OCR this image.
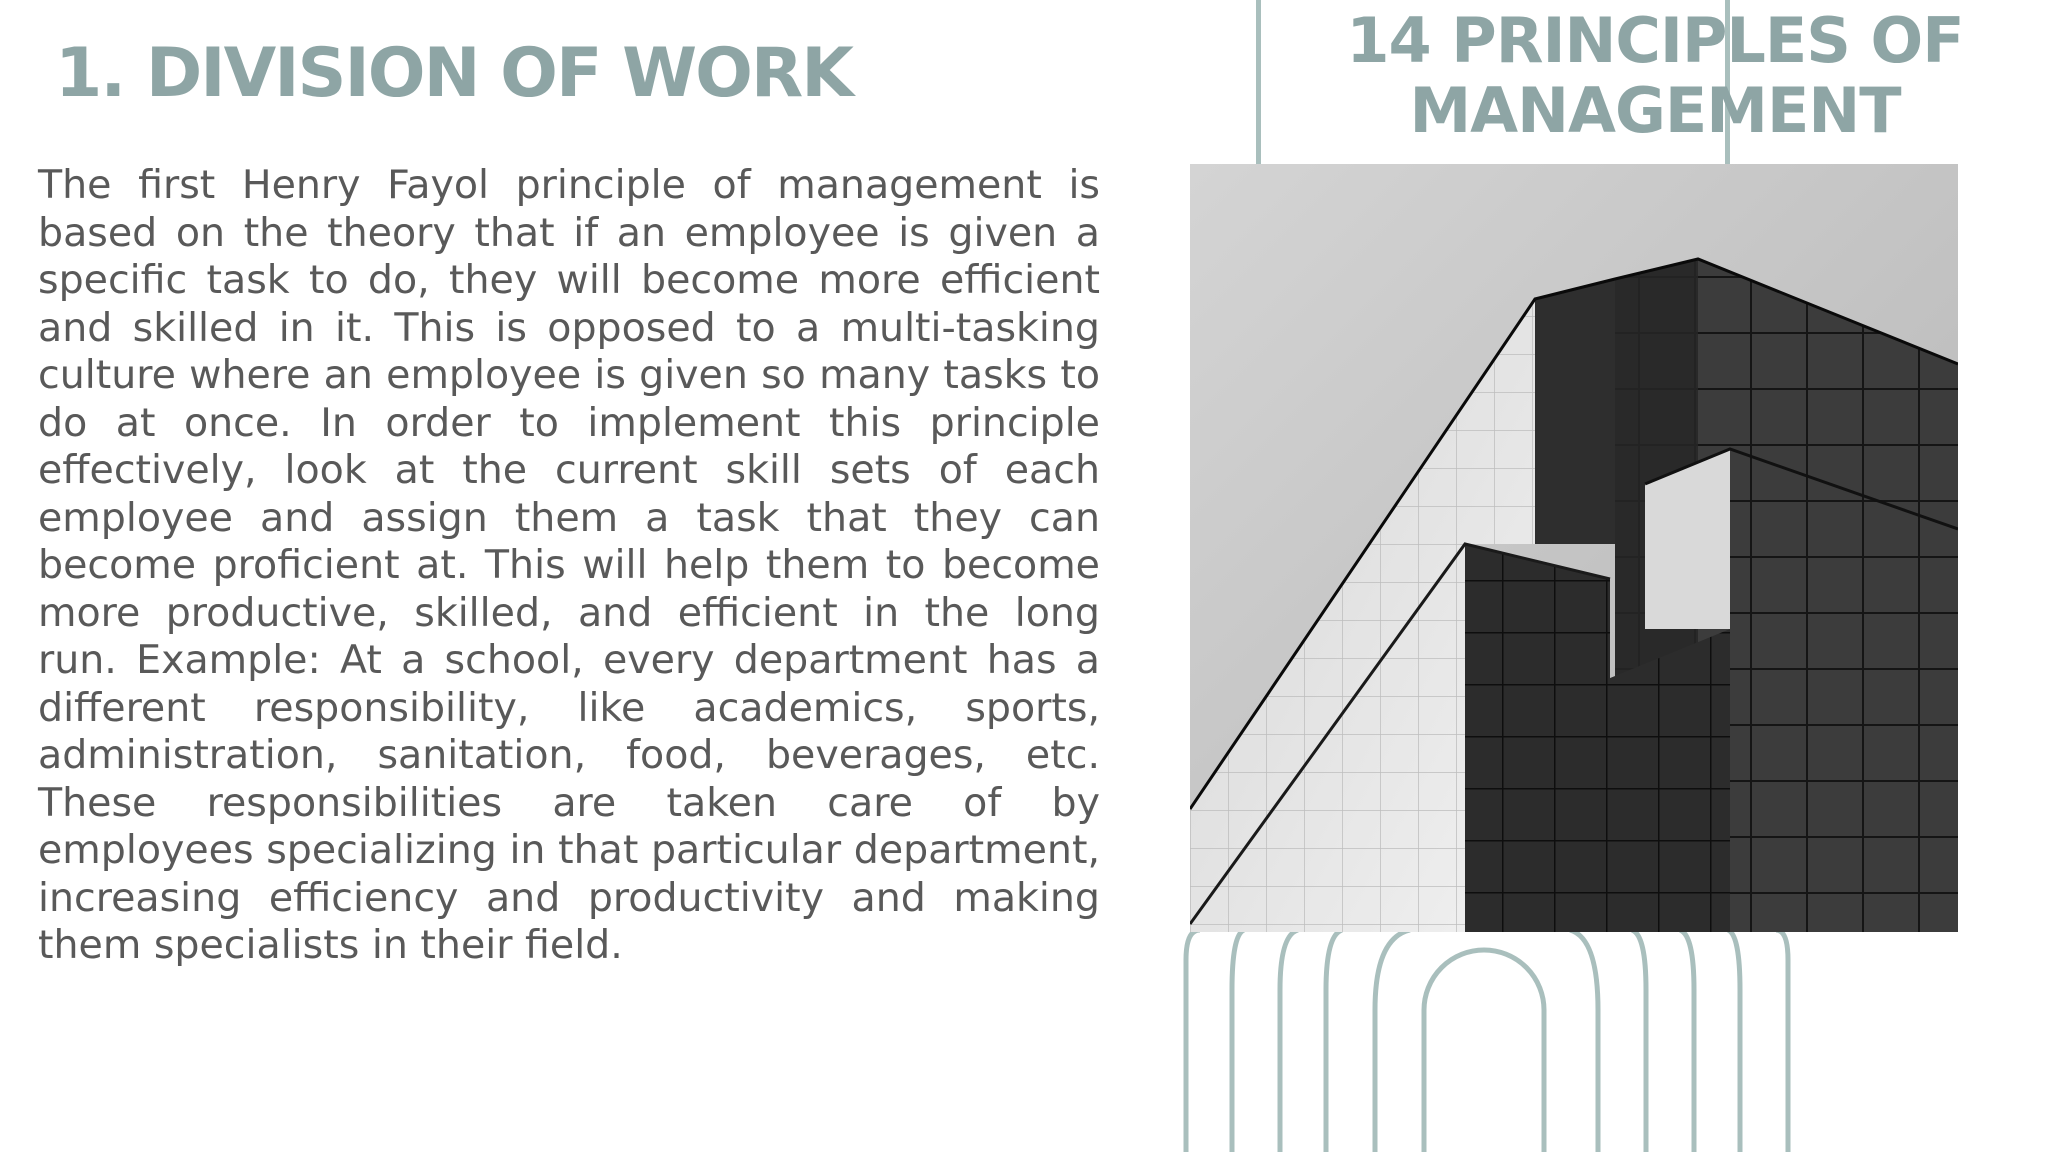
1. DIVISION OF WORK

The first Henry Fayol principle of management is based on the theory that if an employee is given a specific task to do, they will become more efficient and skilled in it. This is opposed to a multi-tasking culture where an employee is given so many tasks to do at once. In order to implement this principle effectively, look at the current skill sets of each employee and assign them a task that they can become proficient at. This will help them to become more productive, skilled, and efficient in the long run. Example: At a school, every department has a different responsibility, like academics, sports, administration, sanitation, food, beverages, etc. These responsibilities are taken care of by employees specializing in that particular department, increasing efficiency and productivity and making them specialists in their field.

14 PRINCIPLES OF
MANAGEMENT
